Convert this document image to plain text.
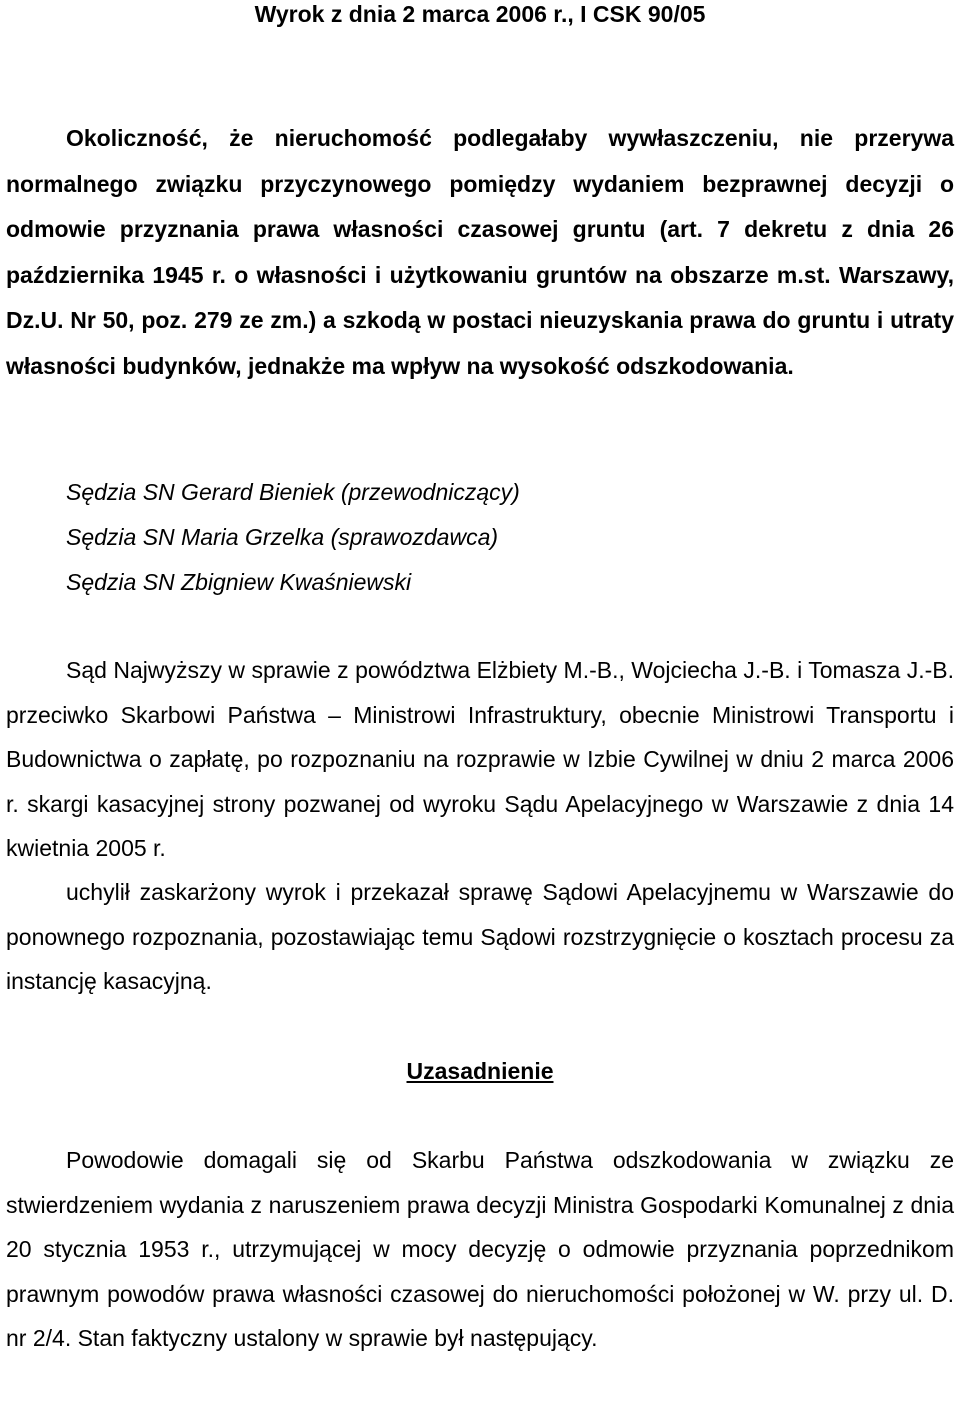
Wyrok z dnia 2 marca 2006 r., I CSK 90/05

Okoliczność, że nieruchomość podlegałaby wywłaszczeniu, nie przerywa normalnego związku przyczynowego pomiędzy wydaniem bezprawnej decyzji o odmowie przyznania prawa własności czasowej gruntu (art. 7 dekretu z dnia 26 października 1945 r. o własności i użytkowaniu gruntów na obszarze m.st. Warszawy, Dz.U. Nr 50, poz. 279 ze zm.) a szkodą w postaci nieuzyskania prawa do gruntu i utraty własności budynków, jednakże ma wpływ na wysokość odszkodowania.

Sędzia SN Gerard Bieniek (przewodniczący)
Sędzia SN Maria Grzelka (sprawozdawca)
Sędzia SN Zbigniew Kwaśniewski

Sąd Najwyższy w sprawie z powództwa Elżbiety M.-B., Wojciecha J.-B. i Tomasza J.-B. przeciwko Skarbowi Państwa – Ministrowi Infrastruktury, obecnie Ministrowi Transportu i Budownictwa o zapłatę, po rozpoznaniu na rozprawie w Izbie Cywilnej w dniu 2 marca 2006 r. skargi kasacyjnej strony pozwanej od wyroku Sądu Apelacyjnego w Warszawie z dnia 14 kwietnia 2005 r.

uchylił zaskarżony wyrok i przekazał sprawę Sądowi Apelacyjnemu w Warszawie do ponownego rozpoznania, pozostawiając temu Sądowi rozstrzygnięcie o kosztach procesu za instancję kasacyjną.

Uzasadnienie

Powodowie domagali się od Skarbu Państwa odszkodowania w związku ze stwierdzeniem wydania z naruszeniem prawa decyzji Ministra Gospodarki Komunalnej z dnia 20 stycznia 1953 r., utrzymującej w mocy decyzję o odmowie przyznania poprzednikom prawnym powodów prawa własności czasowej do nieruchomości położonej w W. przy ul. D. nr 2/4. Stan faktyczny ustalony w sprawie był następujący.
